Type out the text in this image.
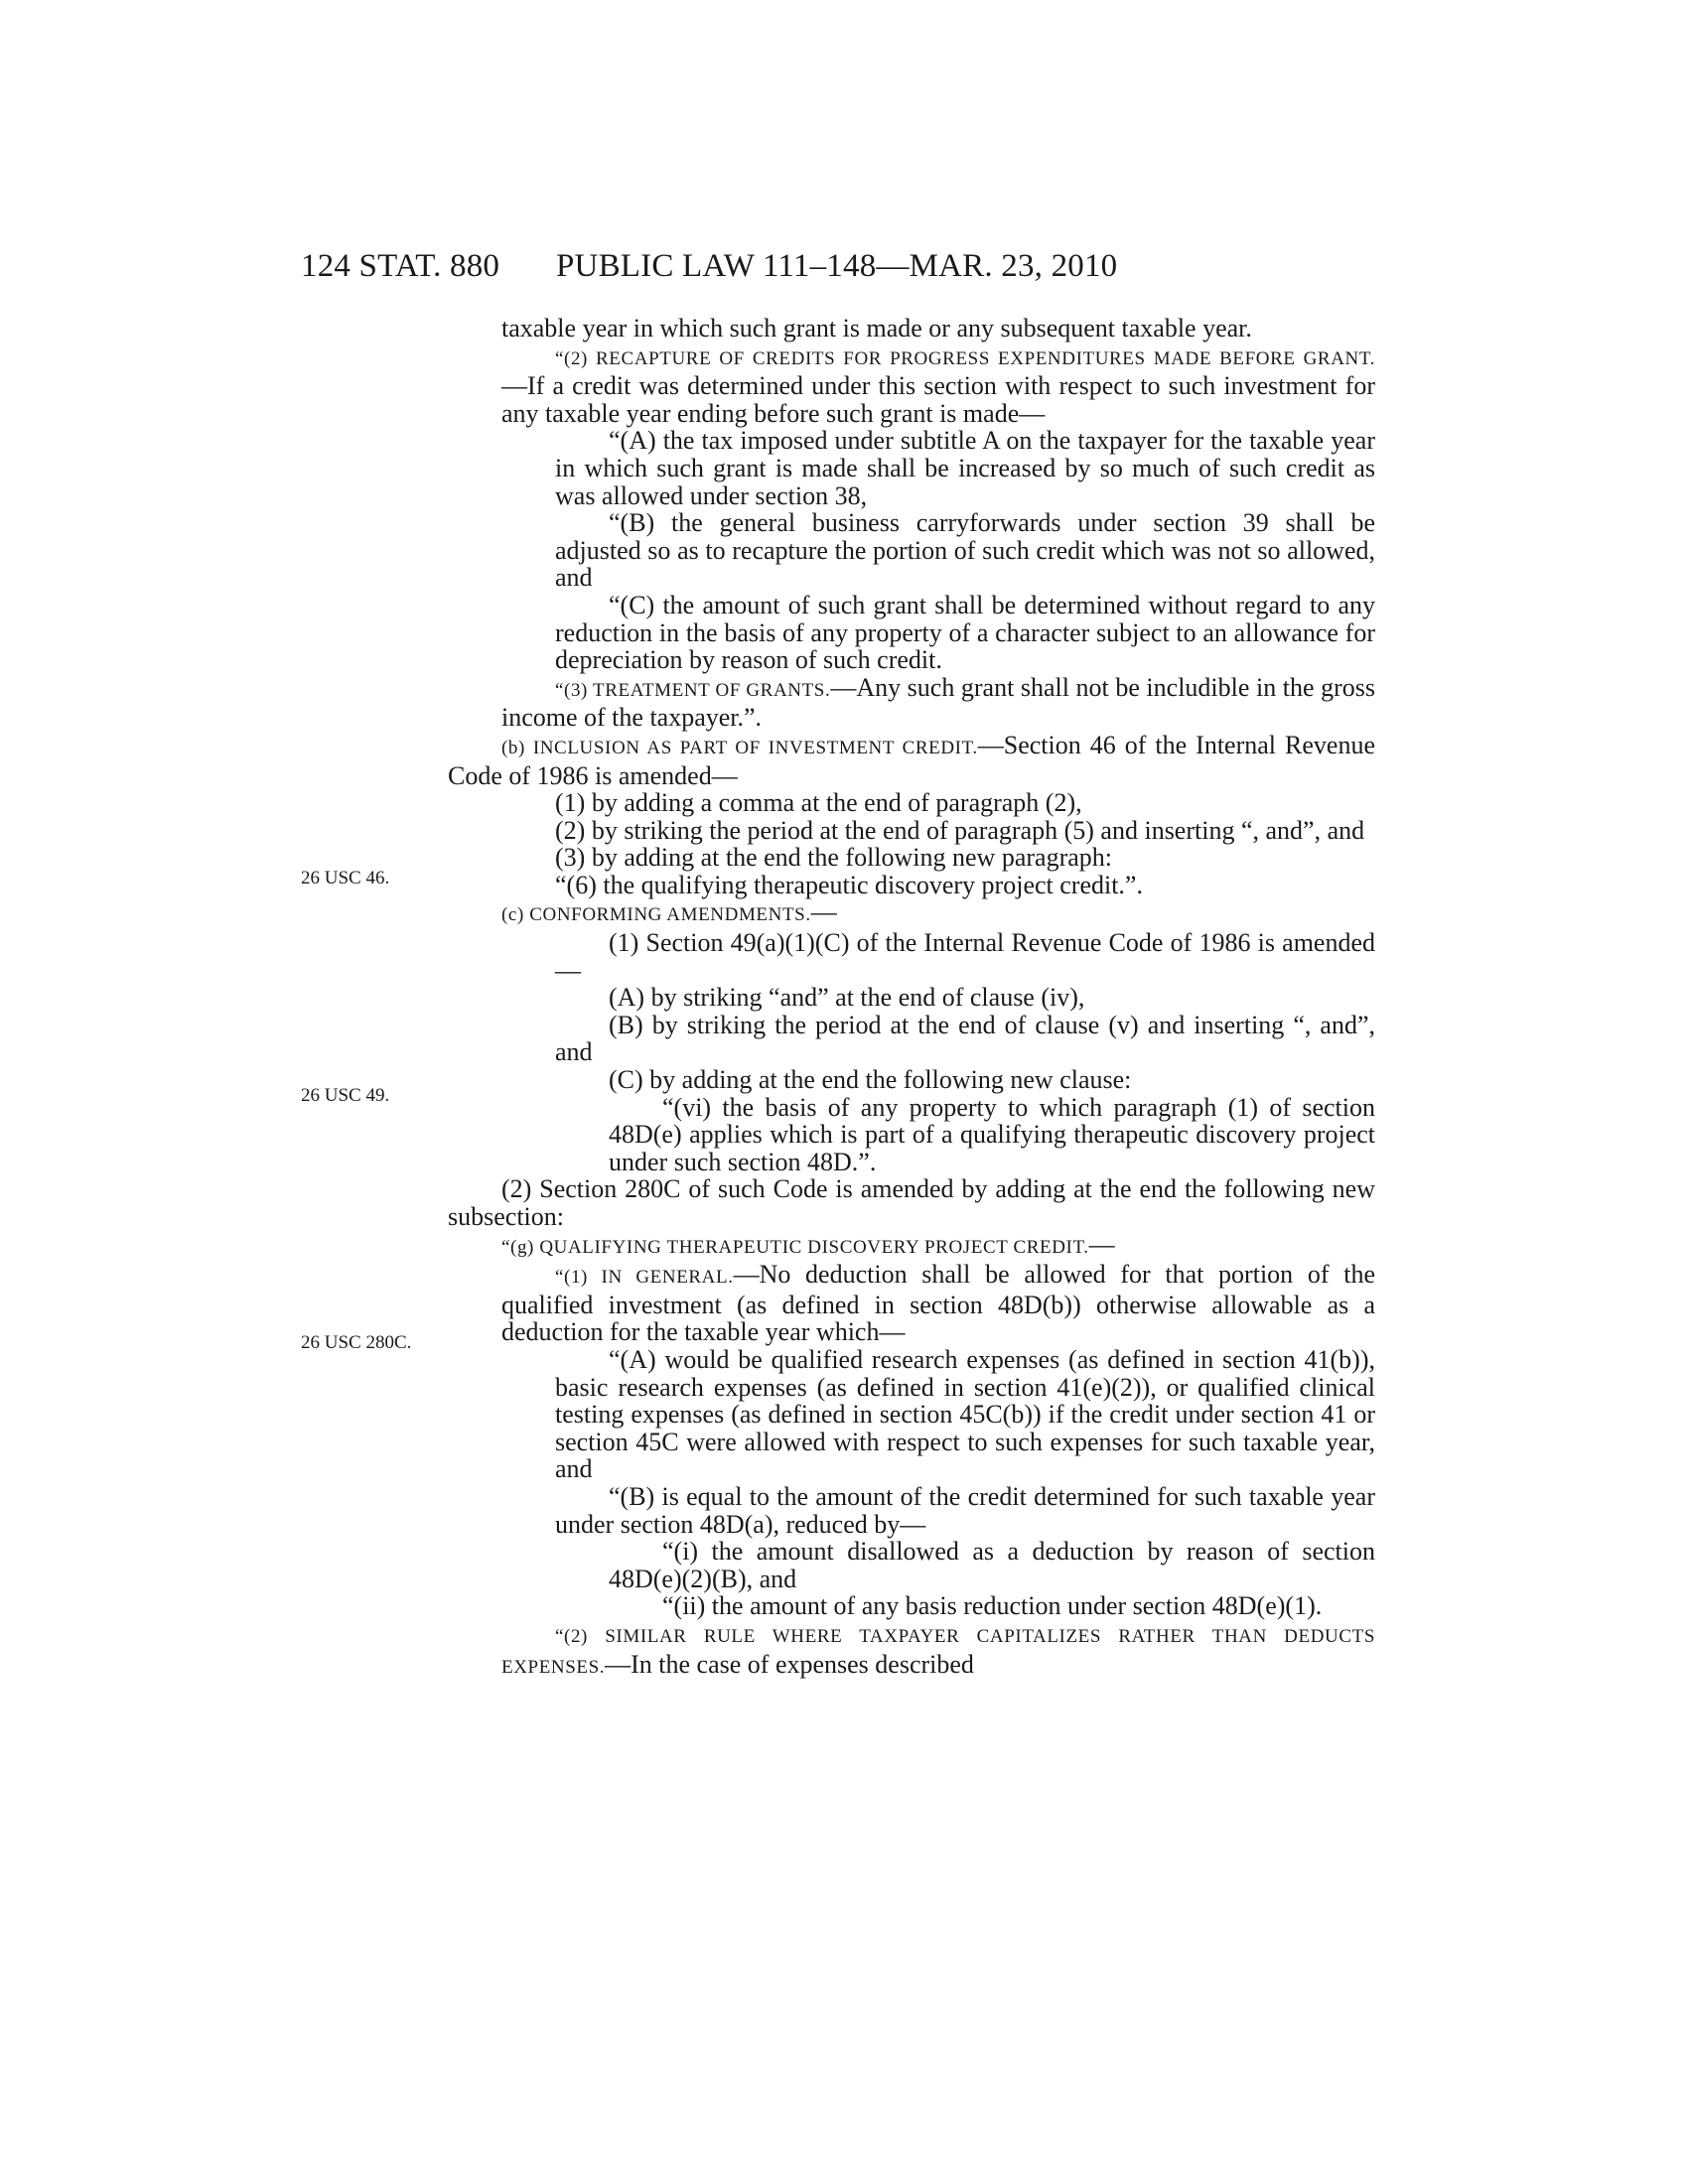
124 STAT. 880 PUBLIC LAW 111–148—MAR. 23, 2010
26 USC 46.
26 USC 49.
26 USC 280C.
taxable year in which such grant is made or any subsequent taxable year.
“(2) RECAPTURE OF CREDITS FOR PROGRESS EXPENDITURES MADE BEFORE GRANT.—If a credit was determined under this section with respect to such investment for any taxable year ending before such grant is made—
“(A) the tax imposed under subtitle A on the taxpayer for the taxable year in which such grant is made shall be increased by so much of such credit as was allowed under section 38,
“(B) the general business carryforwards under section 39 shall be adjusted so as to recapture the portion of such credit which was not so allowed, and
“(C) the amount of such grant shall be determined without regard to any reduction in the basis of any property of a character subject to an allowance for depreciation by reason of such credit.
“(3) TREATMENT OF GRANTS.—Any such grant shall not be includible in the gross income of the taxpayer.”.
(b) INCLUSION AS PART OF INVESTMENT CREDIT.—Section 46 of the Internal Revenue Code of 1986 is amended—
(1) by adding a comma at the end of paragraph (2),
(2) by striking the period at the end of paragraph (5) and inserting “, and”, and
(3) by adding at the end the following new paragraph:
“(6) the qualifying therapeutic discovery project credit.”.
(c) CONFORMING AMENDMENTS.—
(1) Section 49(a)(1)(C) of the Internal Revenue Code of 1986 is amended—
(A) by striking “and” at the end of clause (iv),
(B) by striking the period at the end of clause (v) and inserting “, and”, and
(C) by adding at the end the following new clause:
“(vi) the basis of any property to which paragraph (1) of section 48D(e) applies which is part of a qualifying therapeutic discovery project under such section 48D.”.
(2) Section 280C of such Code is amended by adding at the end the following new subsection:
“(g) QUALIFYING THERAPEUTIC DISCOVERY PROJECT CREDIT.—
“(1) IN GENERAL.—No deduction shall be allowed for that portion of the qualified investment (as defined in section 48D(b)) otherwise allowable as a deduction for the taxable year which—
“(A) would be qualified research expenses (as defined in section 41(b)), basic research expenses (as defined in section 41(e)(2)), or qualified clinical testing expenses (as defined in section 45C(b)) if the credit under section 41 or section 45C were allowed with respect to such expenses for such taxable year, and
“(B) is equal to the amount of the credit determined for such taxable year under section 48D(a), reduced by—
“(i) the amount disallowed as a deduction by reason of section 48D(e)(2)(B), and
“(ii) the amount of any basis reduction under section 48D(e)(1).
“(2) SIMILAR RULE WHERE TAXPAYER CAPITALIZES RATHER THAN DEDUCTS EXPENSES.—In the case of expenses described
